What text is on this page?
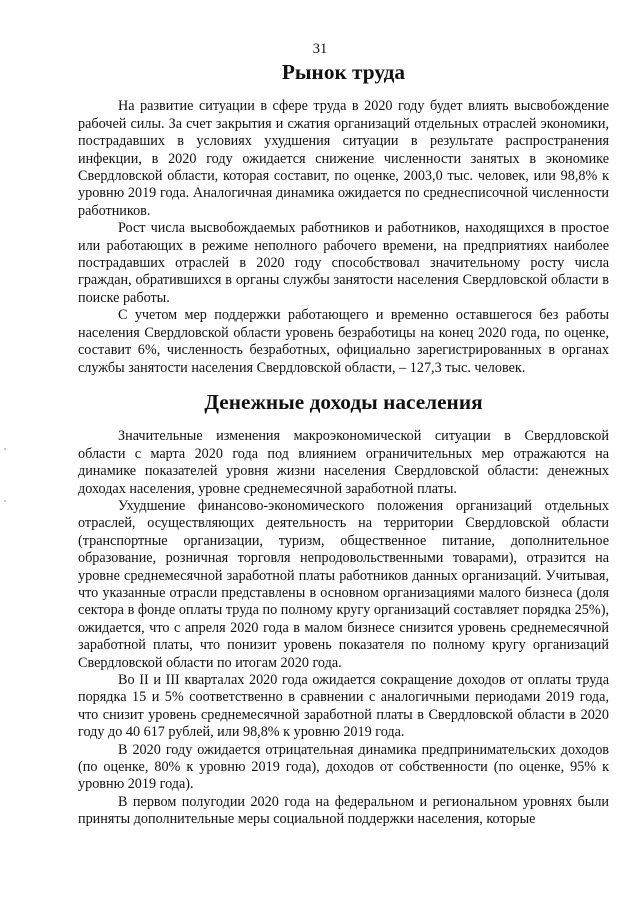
31
Рынок труда

На развитие ситуации в сфере труда в 2020 году будет влиять высвобождение рабочей силы. За счет закрытия и сжатия организаций отдельных отраслей экономики, пострадавших в условиях ухудшения ситуации в результате распространения инфекции, в 2020 году ожидается снижение численности занятых в экономике Свердловской области, которая составит, по оценке, 2003,0 тыс. человек, или 98,8% к уровню 2019 года. Аналогичная динамика ожидается по среднесписочной численности работников.

Рост числа высвобождаемых работников и работников, находящихся в простое или работающих в режиме неполного рабочего времени, на предприятиях наиболее пострадавших отраслей в 2020 году способствовал значительному росту числа граждан, обратившихся в органы службы занятости населения Свердловской области в поиске работы.

С учетом мер поддержки работающего и временно оставшегося без работы населения Свердловской области уровень безработицы на конец 2020 года, по оценке, составит 6%, численность безработных, официально зарегистрированных в органах службы занятости населения Свердловской области, – 127,3 тыс. человек.

Денежные доходы населения

Значительные изменения макроэкономической ситуации в Свердловской области с марта 2020 года под влиянием ограничительных мер отражаются на динамике показателей уровня жизни населения Свердловской области: денежных доходах населения, уровне среднемесячной заработной платы.

Ухудшение финансово-экономического положения организаций отдельных отраслей, осуществляющих деятельность на территории Свердловской области (транспортные организации, туризм, общественное питание, дополнительное образование, розничная торговля непродовольственными товарами), отразится на уровне среднемесячной заработной платы работников данных организаций. Учитывая, что указанные отрасли представлены в основном организациями малого бизнеса (доля сектора в фонде оплаты труда по полному кругу организаций составляет порядка 25%), ожидается, что с апреля 2020 года в малом бизнесе снизится уровень среднемесячной заработной платы, что понизит уровень показателя по полному кругу организаций Свердловской области по итогам 2020 года.

Во II и III кварталах 2020 года ожидается сокращение доходов от оплаты труда порядка 15 и 5% соответственно в сравнении с аналогичными периодами 2019 года, что снизит уровень среднемесячной заработной платы в Свердловской области в 2020 году до 40 617 рублей, или 98,8% к уровню 2019 года.

В 2020 году ожидается отрицательная динамика предпринимательских доходов (по оценке, 80% к уровню 2019 года), доходов от собственности (по оценке, 95% к уровню 2019 года).

В первом полугодии 2020 года на федеральном и региональном уровнях были приняты дополнительные меры социальной поддержки населения, которые
